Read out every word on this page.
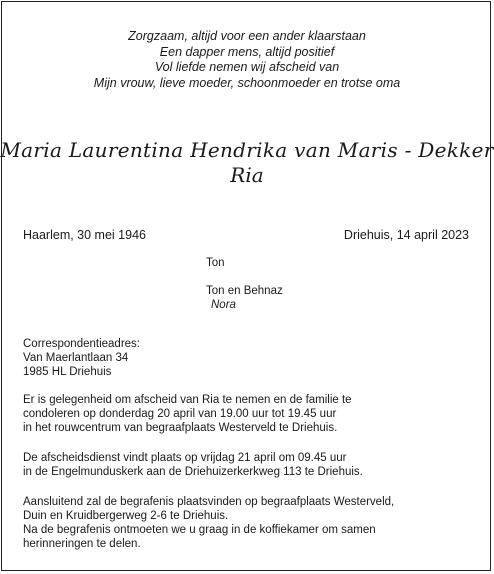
Zorgzaam, altijd voor een ander klaarstaan
Een dapper mens, altijd positief
Vol liefde nemen wij afscheid van
Mijn vrouw, lieve moeder, schoonmoeder en trotse oma
Maria Laurentina Hendrika van Maris - Dekker
Ria
Haarlem, 30 mei 1946	Driehuis, 14 april 2023
Ton
Ton en Behnaz
Nora
Correspondentieadres:
Van Maerlantlaan 34
1985 HL Driehuis
Er is gelegenheid om afscheid van Ria te nemen en de familie te
condoleren op donderdag 20 april van 19.00 uur tot 19.45 uur
in het rouwcentrum van begraafplaats Westerveld te Driehuis.
De afscheidsdienst vindt plaats op vrijdag 21 april om 09.45 uur
in de Engelmunduskerk aan de Driehuizerkerkweg 113 te Driehuis.
Aansluitend zal de begrafenis plaatsvinden op begraafplaats Westerveld,
Duin en Kruidbergerweg 2-6 te Driehuis.
Na de begrafenis ontmoeten we u graag in de koffiekamer om samen
herinneringen te delen.
